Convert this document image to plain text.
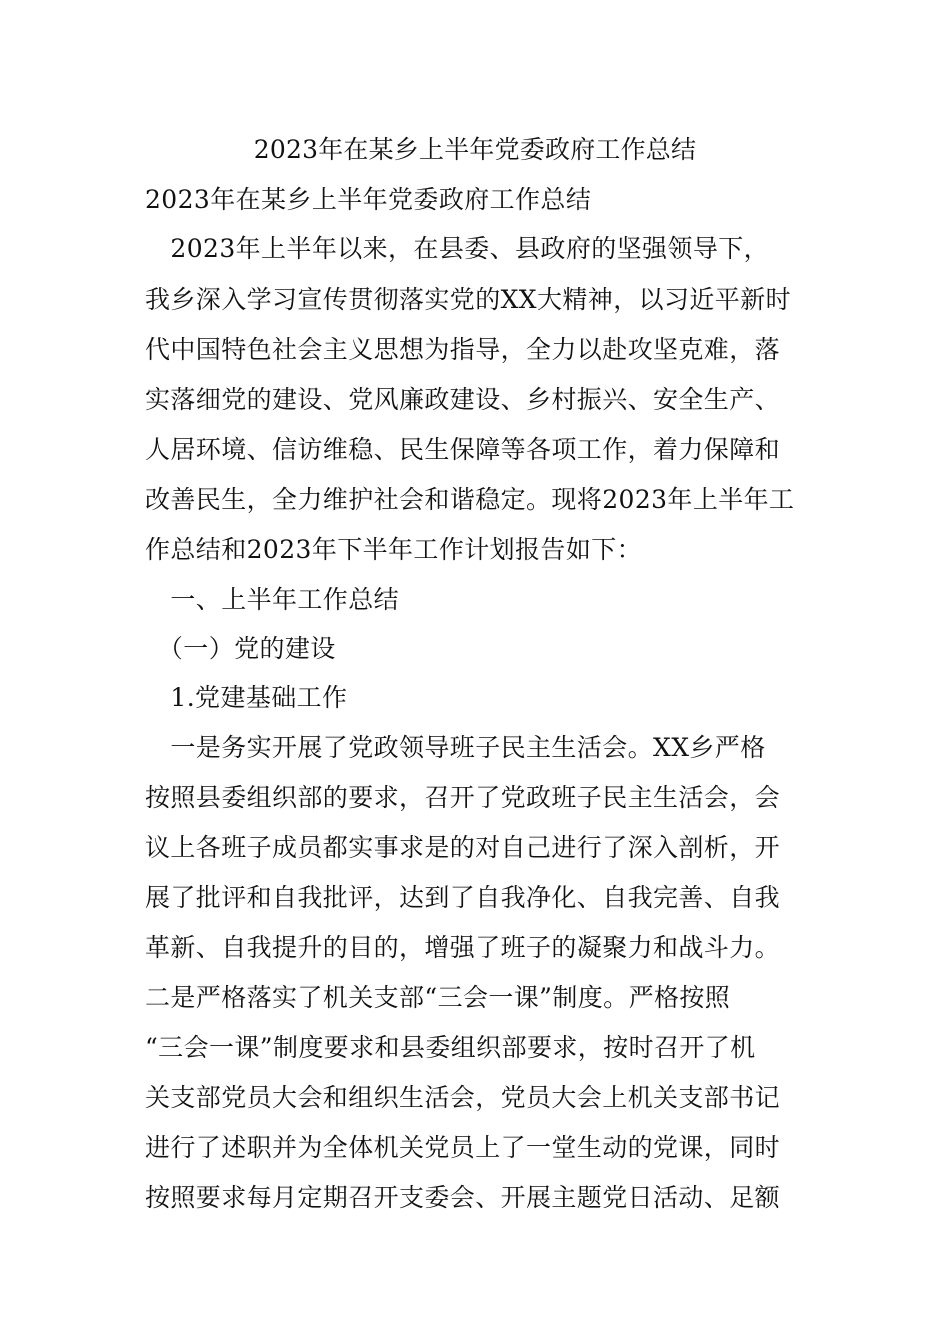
2023年在某乡上半年党委政府工作总结
2023年在某乡上半年党委政府工作总结
　2023年上半年以来，在县委、县政府的坚强领导下，
我乡深入学习宣传贯彻落实党的XX大精神，以习近平新时
代中国特色社会主义思想为指导，全力以赴攻坚克难，落
实落细党的建设、党风廉政建设、乡村振兴、安全生产、
人居环境、信访维稳、民生保障等各项工作，着力保障和
改善民生，全力维护社会和谐稳定。现将2023年上半年工
作总结和2023年下半年工作计划报告如下：
　一、上半年工作总结
　（一）党的建设
　1.党建基础工作
　一是务实开展了党政领导班子民主生活会。XX乡严格
按照县委组织部的要求，召开了党政班子民主生活会，会
议上各班子成员都实事求是的对自己进行了深入剖析，开
展了批评和自我批评，达到了自我净化、自我完善、自我
革新、自我提升的目的，增强了班子的凝聚力和战斗力。
二是严格落实了机关支部“三会一课”制度。严格按照
“三会一课”制度要求和县委组织部要求，按时召开了机
关支部党员大会和组织生活会，党员大会上机关支部书记
进行了述职并为全体机关党员上了一堂生动的党课，同时
按照要求每月定期召开支委会、开展主题党日活动、足额
